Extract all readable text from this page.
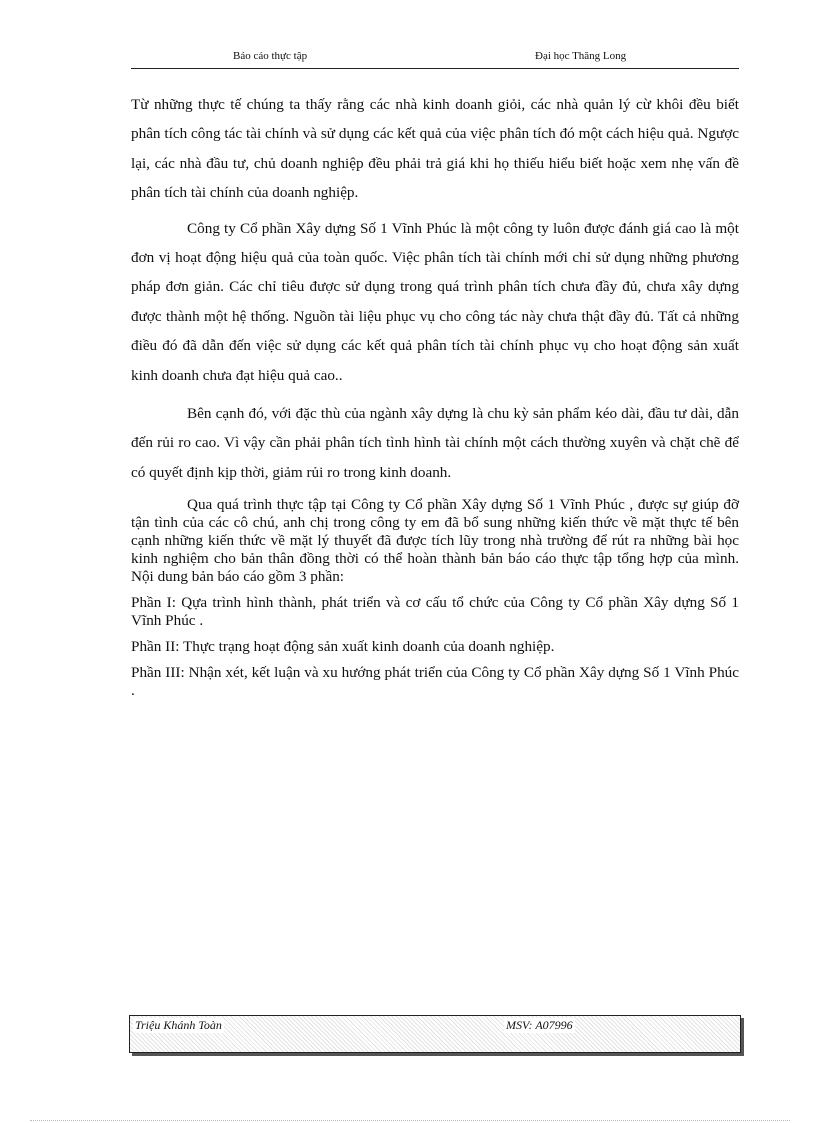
Báo cáo thực tập	Đại học Thăng Long

Từ những thực tế chúng ta thấy rằng các nhà kinh doanh giỏi, các nhà quản lý cừ khôi đều biết phân tích công tác tài chính và sử dụng các kết quả của việc phân tích đó một cách hiệu quả. Ngược lại, các nhà đầu tư, chủ doanh nghiệp đều phải trả giá khi họ thiếu hiểu biết hoặc xem nhẹ vấn đề phân tích tài chính của doanh nghiệp.

Công ty Cổ phần Xây dựng Số 1 Vĩnh Phúc là một công ty luôn được đánh giá cao là một đơn vị hoạt động hiệu quả của toàn quốc. Việc phân tích tài chính mới chỉ sử dụng những phương pháp đơn giản. Các chỉ tiêu được sử dụng trong quá trình phân tích chưa đầy đủ, chưa xây dựng được thành một hệ thống. Nguồn tài liệu phục vụ cho công tác này chưa thật đầy đủ. Tất cả những điều đó đã dẫn đến việc sử dụng các kết quả phân tích tài chính phục vụ cho hoạt động sản xuất kinh doanh chưa đạt hiệu quả cao..

Bên cạnh đó, với đặc thù của ngành xây dựng là chu kỳ sản phẩm kéo dài, đầu tư dài, dẫn đến rủi ro cao. Vì vậy cần phải phân tích tình hình tài chính một cách thường xuyên và chặt chẽ để có quyết định kịp thời, giảm rủi ro trong kinh doanh.

Qua quá trình thực tập tại Công ty Cổ phần Xây dựng Số 1 Vĩnh Phúc , được sự giúp đỡ tận tình của các cô chú, anh chị trong công ty em đã bổ sung những kiến thức về mặt thực tế bên cạnh những kiến thức về mặt lý thuyết đã được tích lũy trong nhà trường để rút ra những bài học kinh nghiệm cho bản thân đồng thời có thể hoàn thành bản báo cáo thực tập tổng hợp của mình. Nội dung bản báo cáo gồm 3 phần:

Phần I: Qựa trình hình thành, phát triển và cơ cấu tổ chức của Công ty Cổ phần Xây dựng Số 1 Vĩnh Phúc .

Phần II: Thực trạng hoạt động sản xuất kinh doanh của doanh nghiệp.

Phần III: Nhận xét, kết luận và xu hướng phát triển của Công ty Cổ phần Xây dựng Số 1 Vĩnh Phúc .

Triệu Khánh Toàn	MSV: A07996
